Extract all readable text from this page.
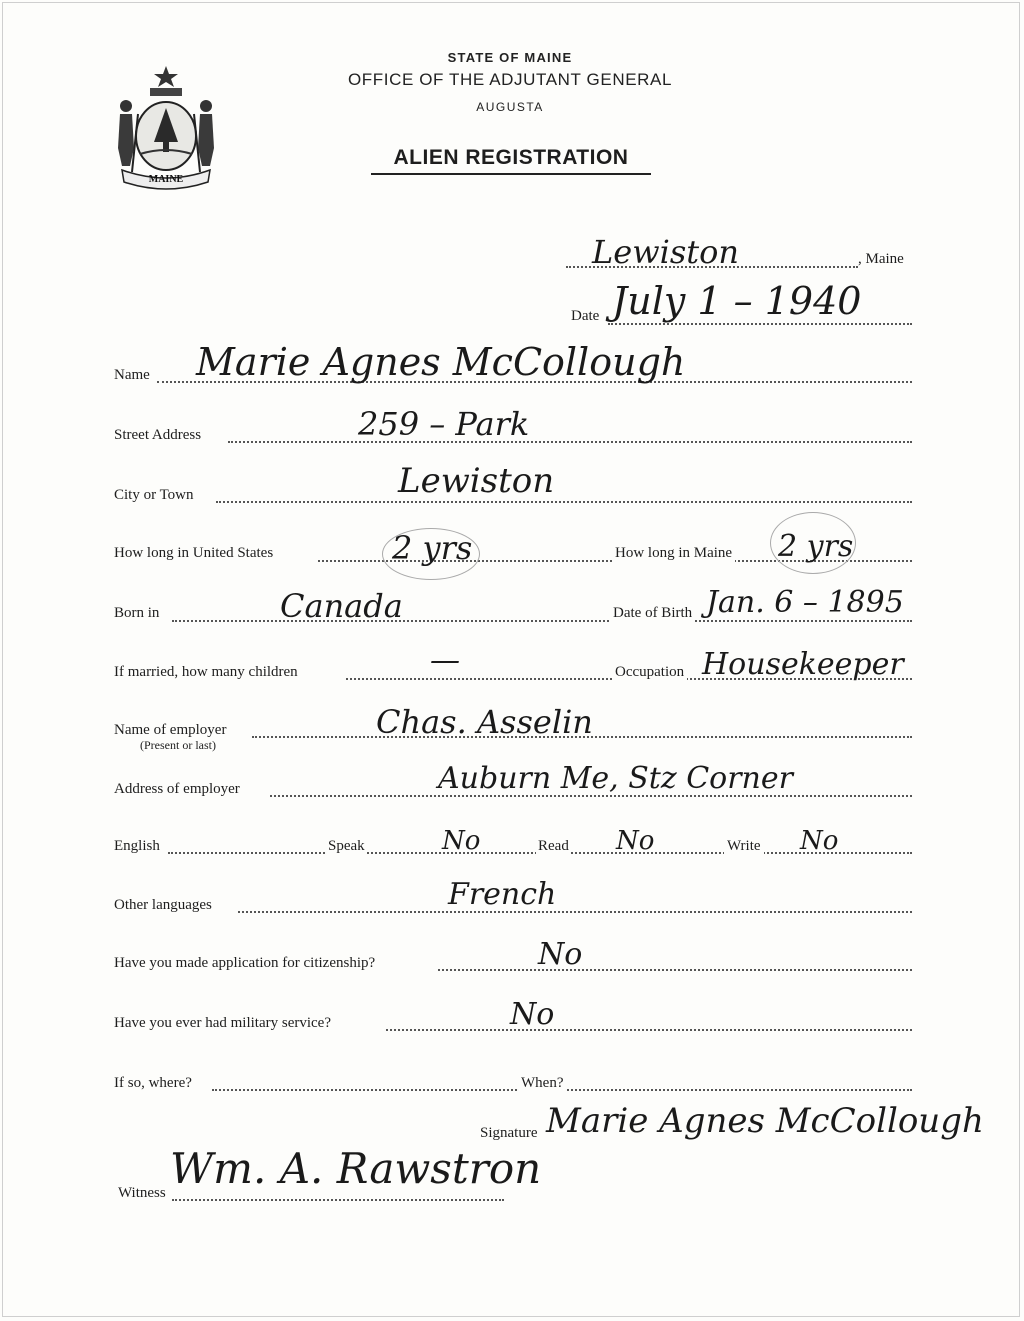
MAINE
STATE OF MAINE
OFFICE OF THE ADJUTANT GENERAL
AUGUSTA
ALIEN REGISTRATION
, Maine
Lewiston
Date July 1 – 1940
Name Marie Agnes McCollough
Street Address	259 – Park
City or Town	Lewiston
How long in United States	2 yrs	How long in Maine 2 yrs
Born in	Canada	Date of Birth Jan. 6 – 1895
If married, how many children	—	Occupation Housekeeper
Name of employer
(Present or last)
Chas. Asselin
Address of employer	Auburn Me, Stz Corner
English	Speak	No	Read No	Write No
Other languages	French
Have you made application for citizenship?	No
Have you ever had military service?	No
If so, where?	When?
Signature Marie Agnes McCollough
Witness Wm. A. Rawstron
